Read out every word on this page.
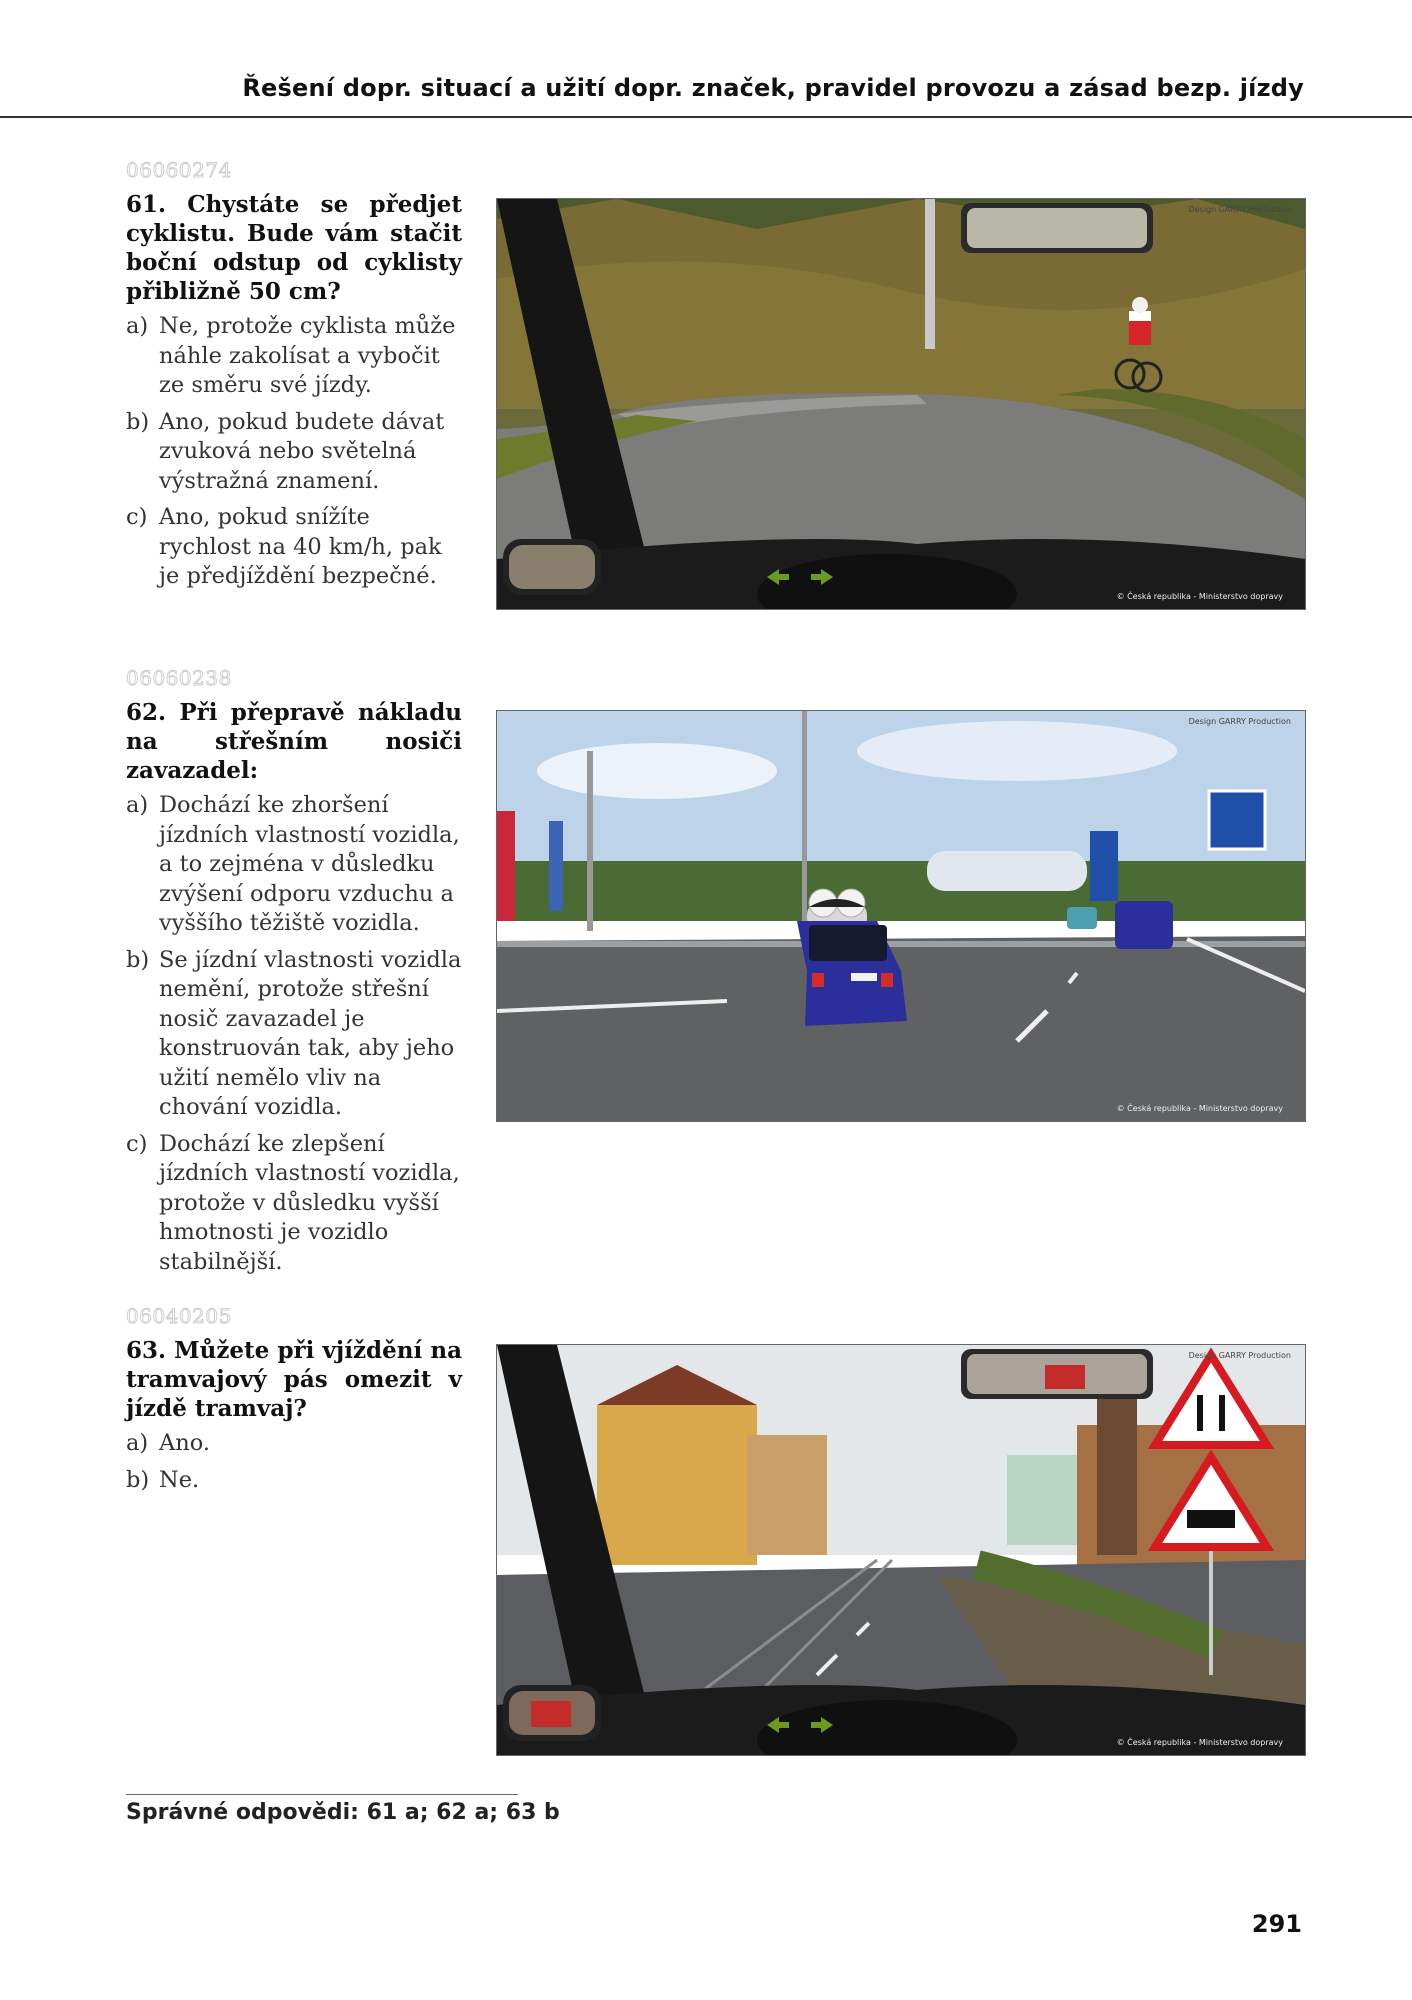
Řešení dopr. situací a užití dopr. značek, pravidel provozu a zásad bezp. jízdy
06060274

61. Chystáte se předjet cyklistu. Bude vám stačit boční odstup od cyklisty přibližně 50 cm?

a) Ne, protože cyklista může náhle zakolísat a vybočit ze směru své jízdy.
b) Ano, pokud budete dávat zvuková nebo světelná výstražná znamení.
c) Ano, pokud snížíte rychlost na 40 km/h, pak je předjíždění bezpečné.
Design GARRY Production
© Česká republika - Ministerstvo dopravy
06060238

62. Při přepravě nákladu na střešním nosiči zavazadel:

a) Dochází ke zhoršení jízdních vlastností vozidla, a to zejména v důsledku zvýšení odporu vzduchu a vyššího těžiště vozidla.
b) Se jízdní vlastnosti vozidla nemění, protože střešní nosič zavazadel je konstruován tak, aby jeho užití nemělo vliv na chování vozidla.
c) Dochází ke zlepšení jízdních vlastností vozidla, protože v důsledku vyšší hmotnosti je vozidlo stabilnější.
Design GARRY Production
© Česká republika - Ministerstvo dopravy
06040205

63. Můžete při vjíždění na tramvajový pás omezit v jízdě tramvaj?

a) Ano.
b) Ne.
Design GARRY Production
© Česká republika - Ministerstvo dopravy
Správné odpovědi: 61 a; 62 a; 63 b
291
